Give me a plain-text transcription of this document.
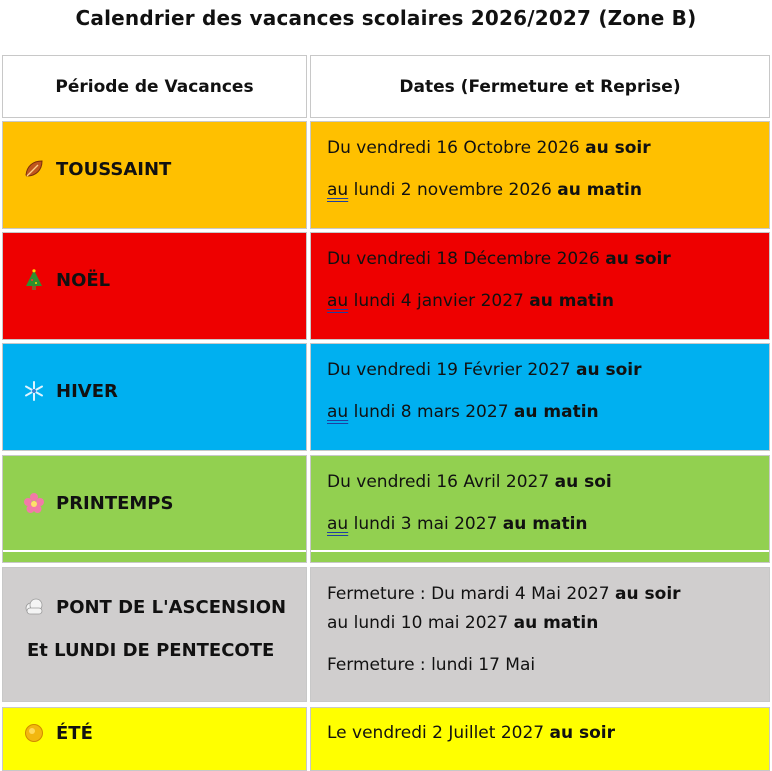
Calendrier des vacances scolaires 2026/2027 (Zone B)
Période de Vacances	Dates (Fermeture et Reprise)
TOUSSAINT
Du vendredi 16 Octobre 2026 au soir
au lundi 2 novembre 2026 au matin
NOËL
Du vendredi 18 Décembre 2026 au soir
au lundi 4 janvier 2027 au matin
HIVER
Du vendredi 19 Février 2027 au soir
au lundi 8 mars 2027 au matin
PRINTEMPS
Du vendredi 16 Avril 2027 au soi
au lundi 3 mai 2027 au matin
PONT DE L'ASCENSION
Et LUNDI DE PENTECOTE
Fermeture : Du mardi 4 Mai 2027 au soir
au lundi 10 mai 2027 au matin
Fermeture : lundi 17 Mai
ÉTÉ	Le vendredi 2 Juillet 2027 au soir
